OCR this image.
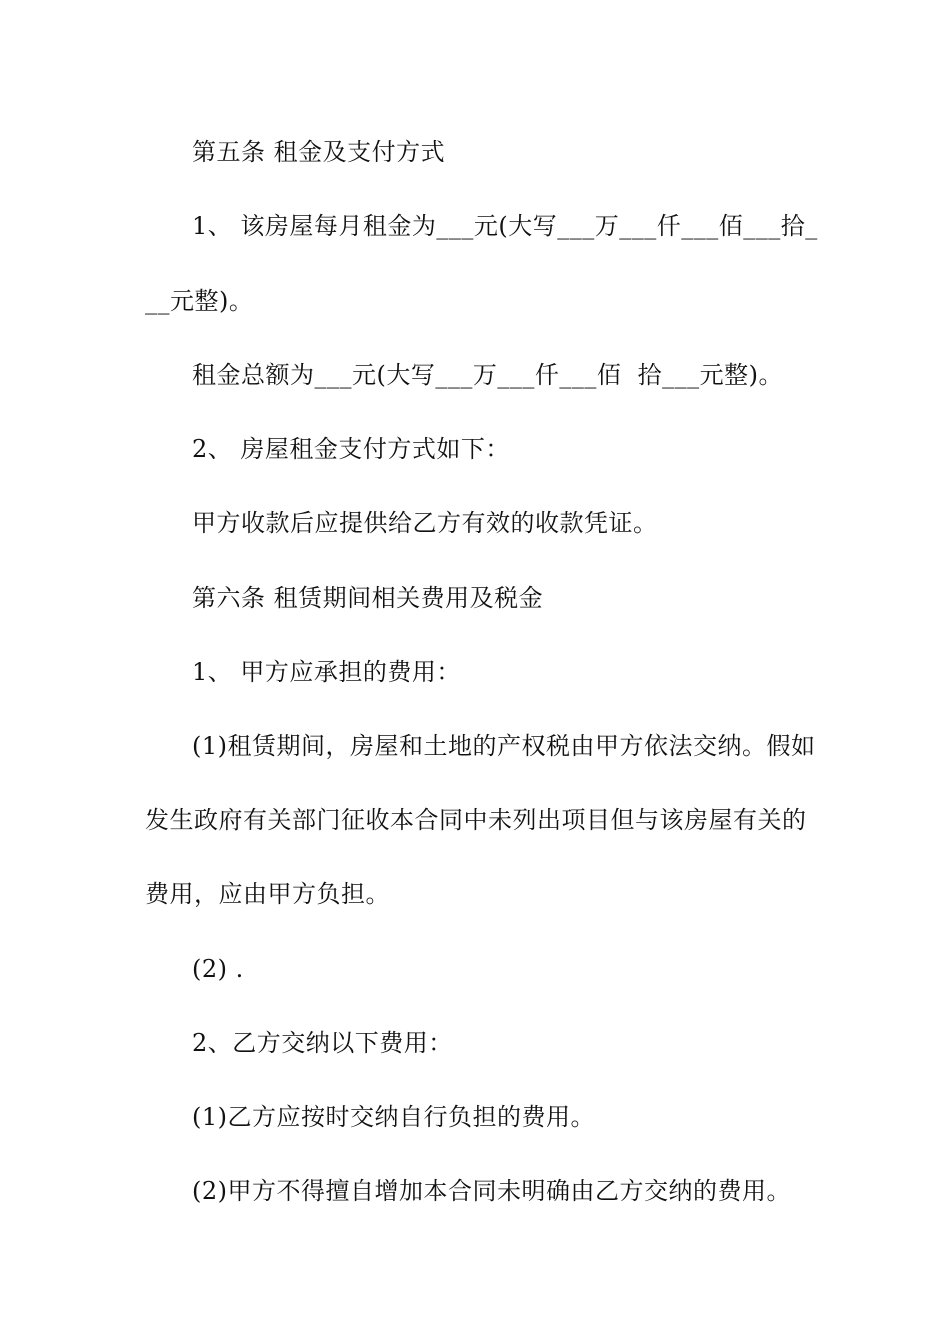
第五条 租金及支付方式
1、 该房屋每月租金为___元(大写___万___仟___佰___拾_
__元整)。
租金总额为___元(大写___万___仟___佰  拾___元整)。
2、 房屋租金支付方式如下：
甲方收款后应提供给乙方有效的收款凭证。
第六条 租赁期间相关费用及税金
1、 甲方应承担的费用：
(1)租赁期间，房屋和土地的产权税由甲方依法交纳。假如
发生政府有关部门征收本合同中未列出项目但与该房屋有关的
费用，应由甲方负担。
(2) .
2、乙方交纳以下费用：
(1)乙方应按时交纳自行负担的费用。
(2)甲方不得擅自增加本合同未明确由乙方交纳的费用。
